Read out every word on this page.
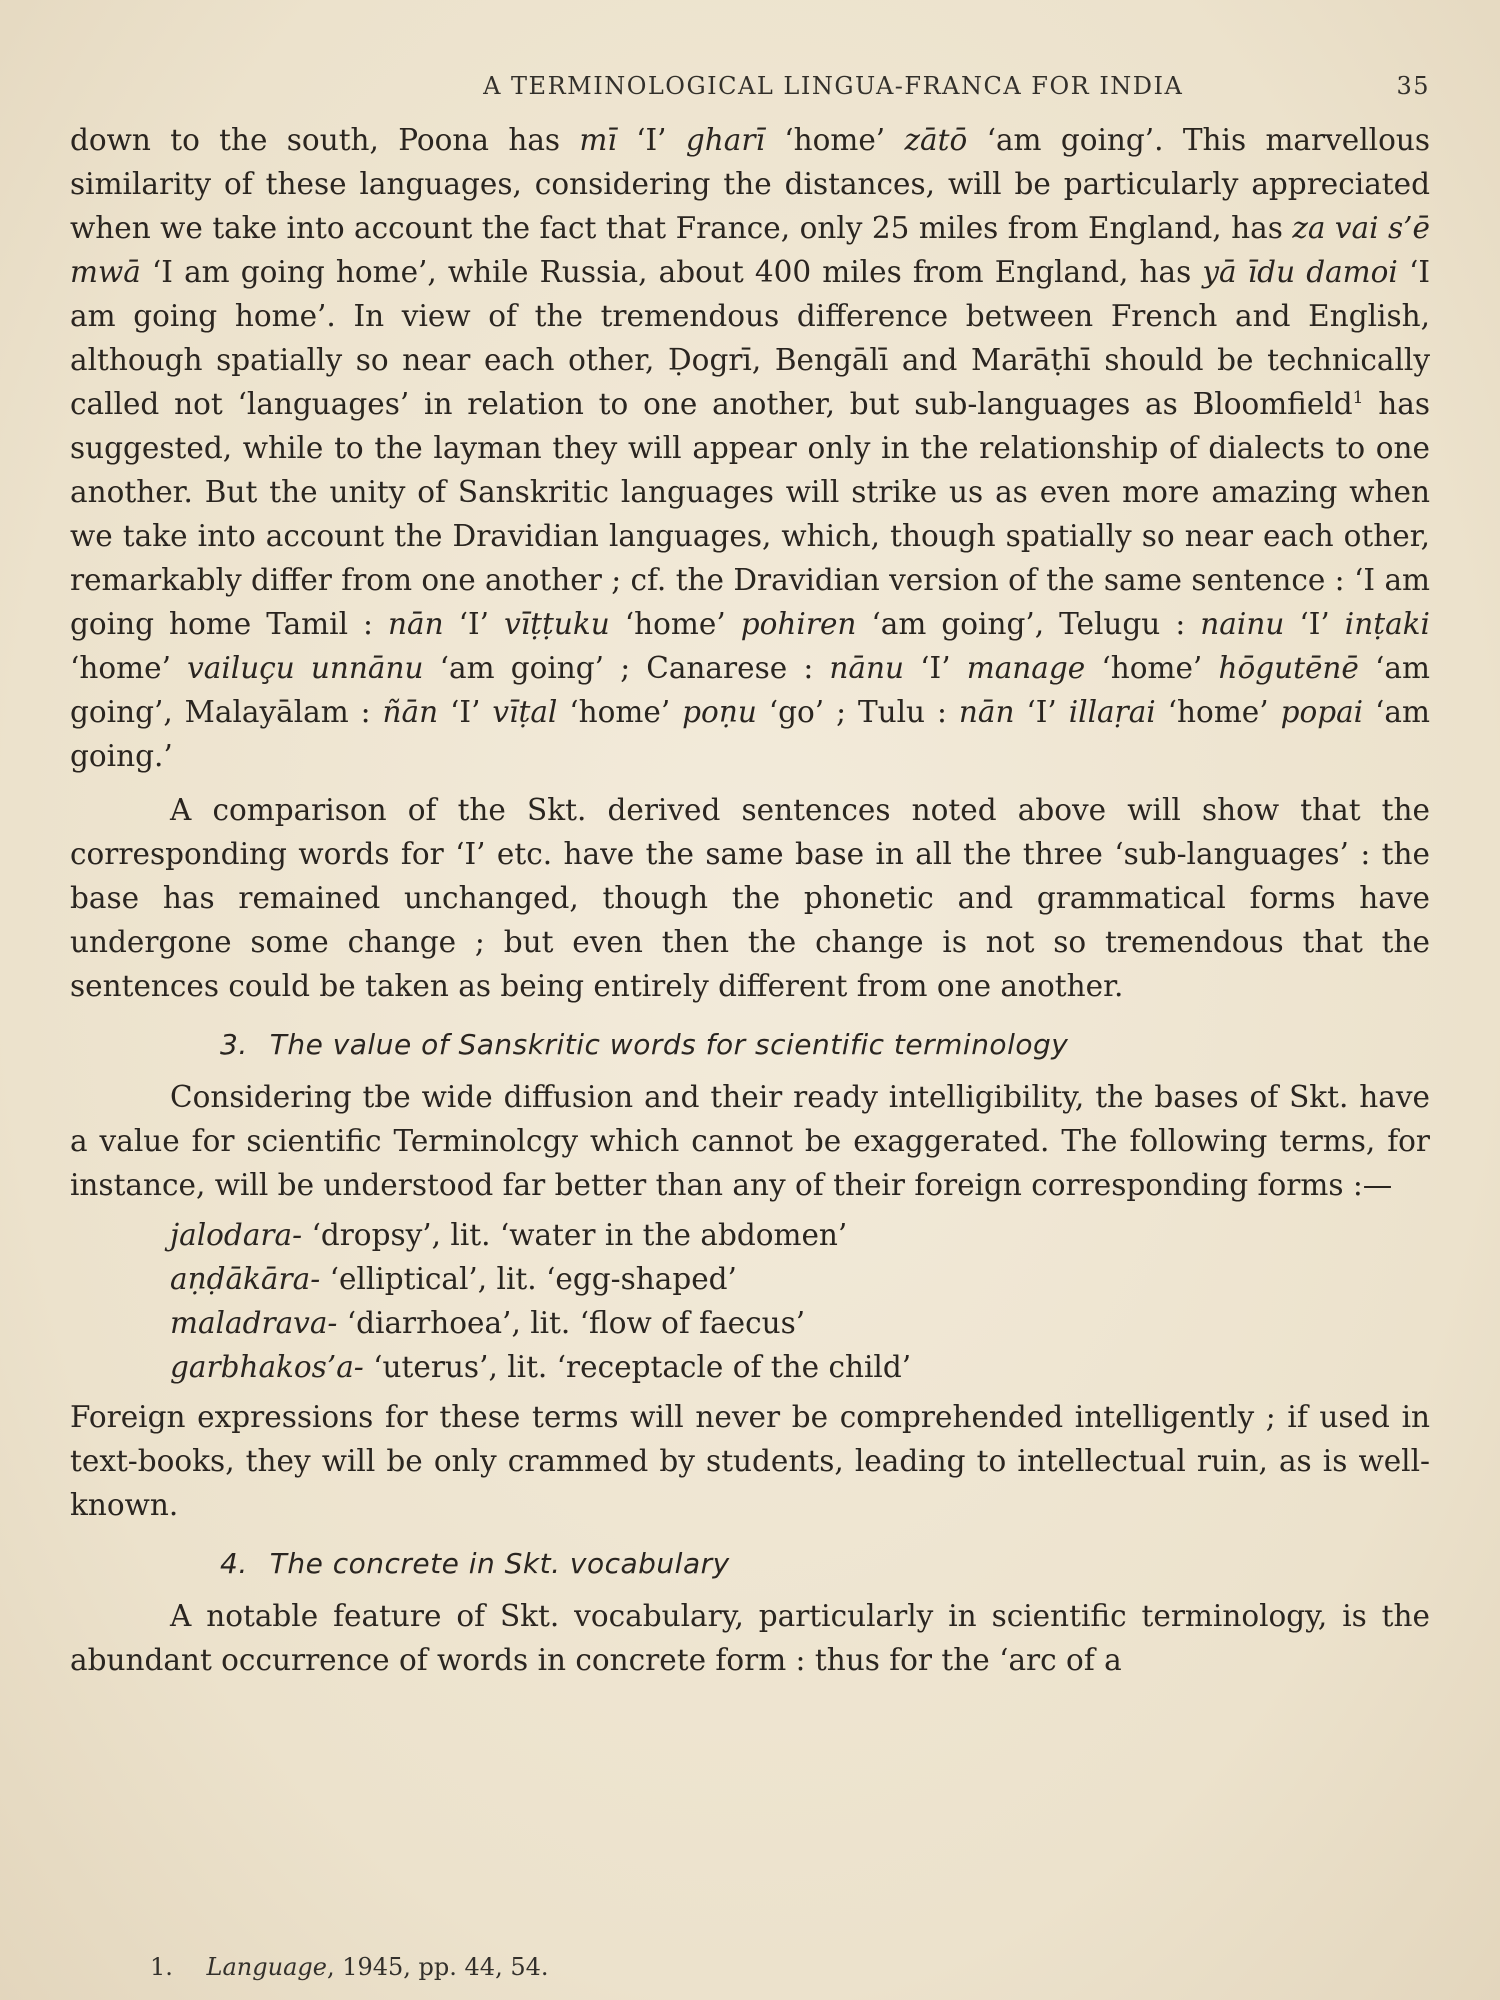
A TERMINOLOGICAL LINGUA-FRANCA FOR INDIA	35

down to the south, Poona has mī ‘I’ gharī ‘home’ zātō ‘am going’. This marvellous similarity of these languages, considering the distances, will be particularly appreciated when we take into account the fact that France, only 25 miles from England, has za vai s’ē mwā ‘I am going home’, while Russia, about 400 miles from England, has yā īdu damoi ‘I am going home’. In view of the tremendous difference between French and English, although spatially so near each other, Ḍogrī, Bengālī and Marāṭhī should be technically called not ‘languages’ in relation to one another, but sub-languages as Bloomfield$^1$ has suggested, while to the layman they will appear only in the relationship of dialects to one another. But the unity of Sanskritic languages will strike us as even more amazing when we take into account the Dravidian languages, which, though spatially so near each other, remarkably differ from one another ; cf. the Dravidian version of the same sentence : ‘I am going home Tamil : nān ‘I’ vīṭṭuku ‘home’ pohiren ‘am going’, Telugu : nainu ‘I’ inṭaki ‘home’ vailuçu unnānu ‘am going’ ; Canarese : nānu ‘I’ manage ‘home’ hōgutēnē ‘am going’, Malayālam : ñān ‘I’ vīṭal ‘home’ poṇu ‘go’ ; Tulu : nān ‘I’ illaṛai ‘home’ popai ‘am going.’

A comparison of the Skt. derived sentences noted above will show that the corresponding words for ‘I’ etc. have the same base in all the three ‘sub-languages’ : the base has remained unchanged, though the phonetic and grammatical forms have undergone some change ; but even then the change is not so tremendous that the sentences could be taken as being entirely different from one another.

3. The value of Sanskritic words for scientific terminology

Considering tbe wide diffusion and their ready intelligibility, the bases of Skt. have a value for scientific Terminolcgy which cannot be exaggerated. The following terms, for instance, will be understood far better than any of their foreign corresponding forms :—

jalodara- ‘dropsy’, lit. ‘water in the abdomen’
aṇḍākāra- ‘elliptical’, lit. ‘egg-shaped’
maladrava- ‘diarrhoea’, lit. ‘flow of faecus’
garbhakos’a- ‘uterus’, lit. ‘receptacle of the child’

Foreign expressions for these terms will never be comprehended intelligently ; if used in text-books, they will be only crammed by students, leading to intellectual ruin, as is well-known.

4. The concrete in Skt. vocabulary

A notable feature of Skt. vocabulary, particularly in scientific terminology, is the abundant occurrence of words in concrete form : thus for the ‘arc of a

1. Language, 1945, pp. 44, 54.
